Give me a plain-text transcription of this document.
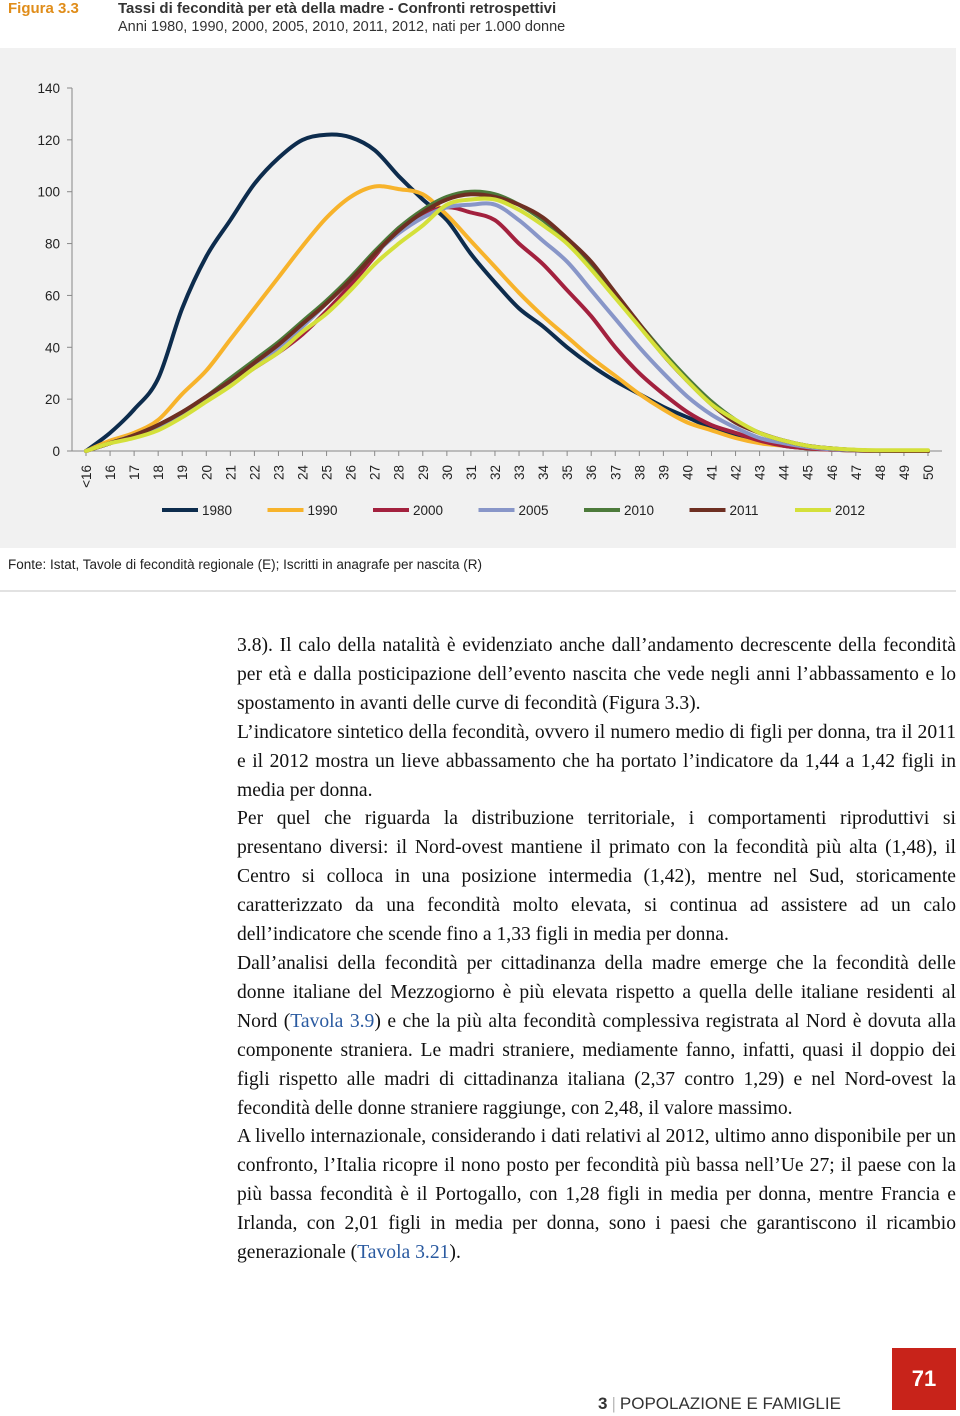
Figura 3.3	Tassi di fecondità per età della madre - Confronti retrospettivi
Anni 1980, 1990, 2000, 2005, 2010, 2011, 2012, nati per 1.000 donne
0
20
40
60
80
100
120
140
<16 16 17 18 19 20 21 22 23 24 25 26 27 28 29 30 31 32 33 34 35 36 37 38 39 40 41 42 43 44 45 46 47 48 49 50
1980	1990	2000	2005	2010	2011	2012
Fonte: Istat, Tavole di fecondità regionale (E); Iscritti in anagrafe per nascita (R)

3.8). Il calo della natalità è evidenziato anche dall’andamento decrescente della fecondità per età e dalla posticipazione dell’evento nascita che vede negli anni l’abbassamento e lo spostamento in avanti delle curve di fecondità (Figura 3.3).

L’indicatore sintetico della fecondità, ovvero il numero medio di figli per donna, tra il 2011 e il 2012 mostra un lieve abbassamento che ha portato l’indicatore da 1,44 a 1,42 figli in media per donna.

Per quel che riguarda la distribuzione territoriale, i comportamenti riproduttivi si presentano diversi: il Nord-ovest mantiene il primato con la fecondità più alta (1,48), il Centro si colloca in una posizione intermedia (1,42), mentre nel Sud, storicamente caratterizzato da una fecondità molto elevata, si continua ad assistere ad un calo dell’indicatore che scende fino a 1,33 figli in media per donna.

Dall’analisi della fecondità per cittadinanza della madre emerge che la fecondità delle donne italiane del Mezzogiorno è più elevata rispetto a quella delle italiane residenti al Nord (Tavola 3.9) e che la più alta fecondità complessiva registrata al Nord è dovuta alla componente straniera. Le madri straniere, mediamente fanno, infatti, quasi il doppio dei figli rispetto alle madri di cittadinanza italiana (2,37 contro 1,29) e nel Nord-ovest la fecondità delle donne straniere raggiunge, con 2,48, il valore massimo.

A livello internazionale, considerando i dati relativi al 2012, ultimo anno disponibile per un confronto, l’Italia ricopre il nono posto per fecondità più bassa nell’Ue 27; il paese con la più bassa fecondità è il Portogallo, con 1,28 figli in media per donna, mentre Francia e Irlanda, con 2,01 figli in media per donna, sono i paesi che garantiscono il ricambio generazionale (Tavola 3.21).

3 | POPOLAZIONE E FAMIGLIE
71
